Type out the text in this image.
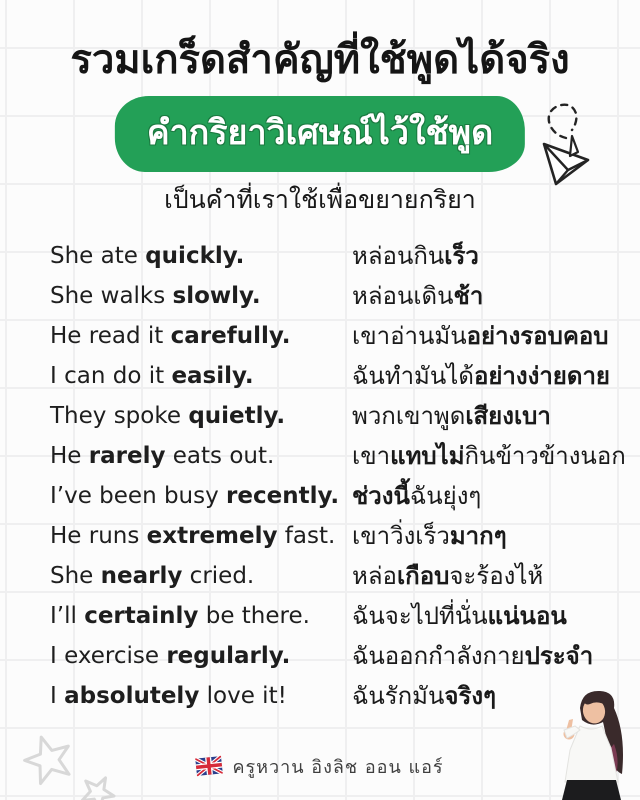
รวมเกร็ดสำคัญที่ใช้พูดได้จริง
คำกริยาวิเศษณ์ไว้ใช้พูด
เป็นคำที่เราใช้เพื่อขยายกริยา
She ate quickly.	หล่อนกินเร็ว
She walks slowly.	หล่อนเดินช้า
He read it carefully.	เขาอ่านมันอย่างรอบคอบ
I can do it easily.	ฉันทำมันได้อย่างง่ายดาย
They spoke quietly.	พวกเขาพูดเสียงเบา
He rarely eats out.	เขาแทบไม่กินข้าวข้างนอก
I’ve been busy recently. ช่วงนี้ฉันยุ่งๆ
He runs extremely fast. เขาวิ่งเร็วมากๆ
She nearly cried.	หล่อเกือบจะร้องไห้
I’ll certainly be there.	ฉันจะไปที่นั่นแน่นอน
I exercise regularly.	ฉันออกกำลังกายประจำ
I absolutely love it!	ฉันรักมันจริงๆ
ครูหวาน อิงลิช ออน แอร์
